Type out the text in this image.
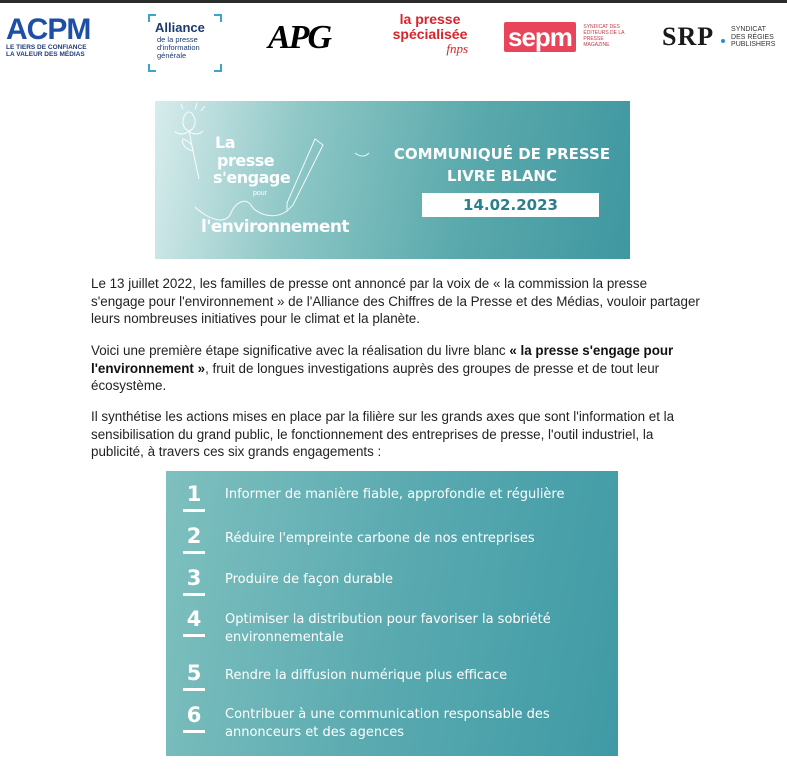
ACPM
LE TIERS DE CONFIANCE
LA VALEUR DES MÉDIAS
Alliance
de la presse d'information générale	APG	la presse
spécialisée
fnps	sepm SYNDICAT DES ÉDITEURS DE LA PRESSE MAGAZINE	SRP SYNDICAT
DES RÉGIES
PUBLISHERS
La
presse
s'engage
pour
l'environnement
COMMUNIQUÉ DE PRESSE
LIVRE BLANC
14.02.2023
Le 13 juillet 2022, les familles de presse ont annoncé par la voix de « la commission la presse s'engage pour l'environnement » de l'Alliance des Chiffres de la Presse et des Médias, vouloir partager leurs nombreuses initiatives pour le climat et la planète.
Voici une première étape significative avec la réalisation du livre blanc « la presse s'engage pour l'environnement », fruit de longues investigations auprès des groupes de presse et de tout leur écosystème.
Il synthétise les actions mises en place par la filière sur les grands axes que sont l'information et la sensibilisation du grand public, le fonctionnement des entreprises de presse, l'outil industriel, la publicité, à travers ces six grands engagements :
1 Informer de manière fiable, approfondie et régulière
2 Réduire l'empreinte carbone de nos entreprises
3 Produire de façon durable
4 Optimiser la distribution pour favoriser la sobriété environnementale
5 Rendre la diffusion numérique plus efficace
6 Contribuer à une communication responsable des annonceurs et des agences
